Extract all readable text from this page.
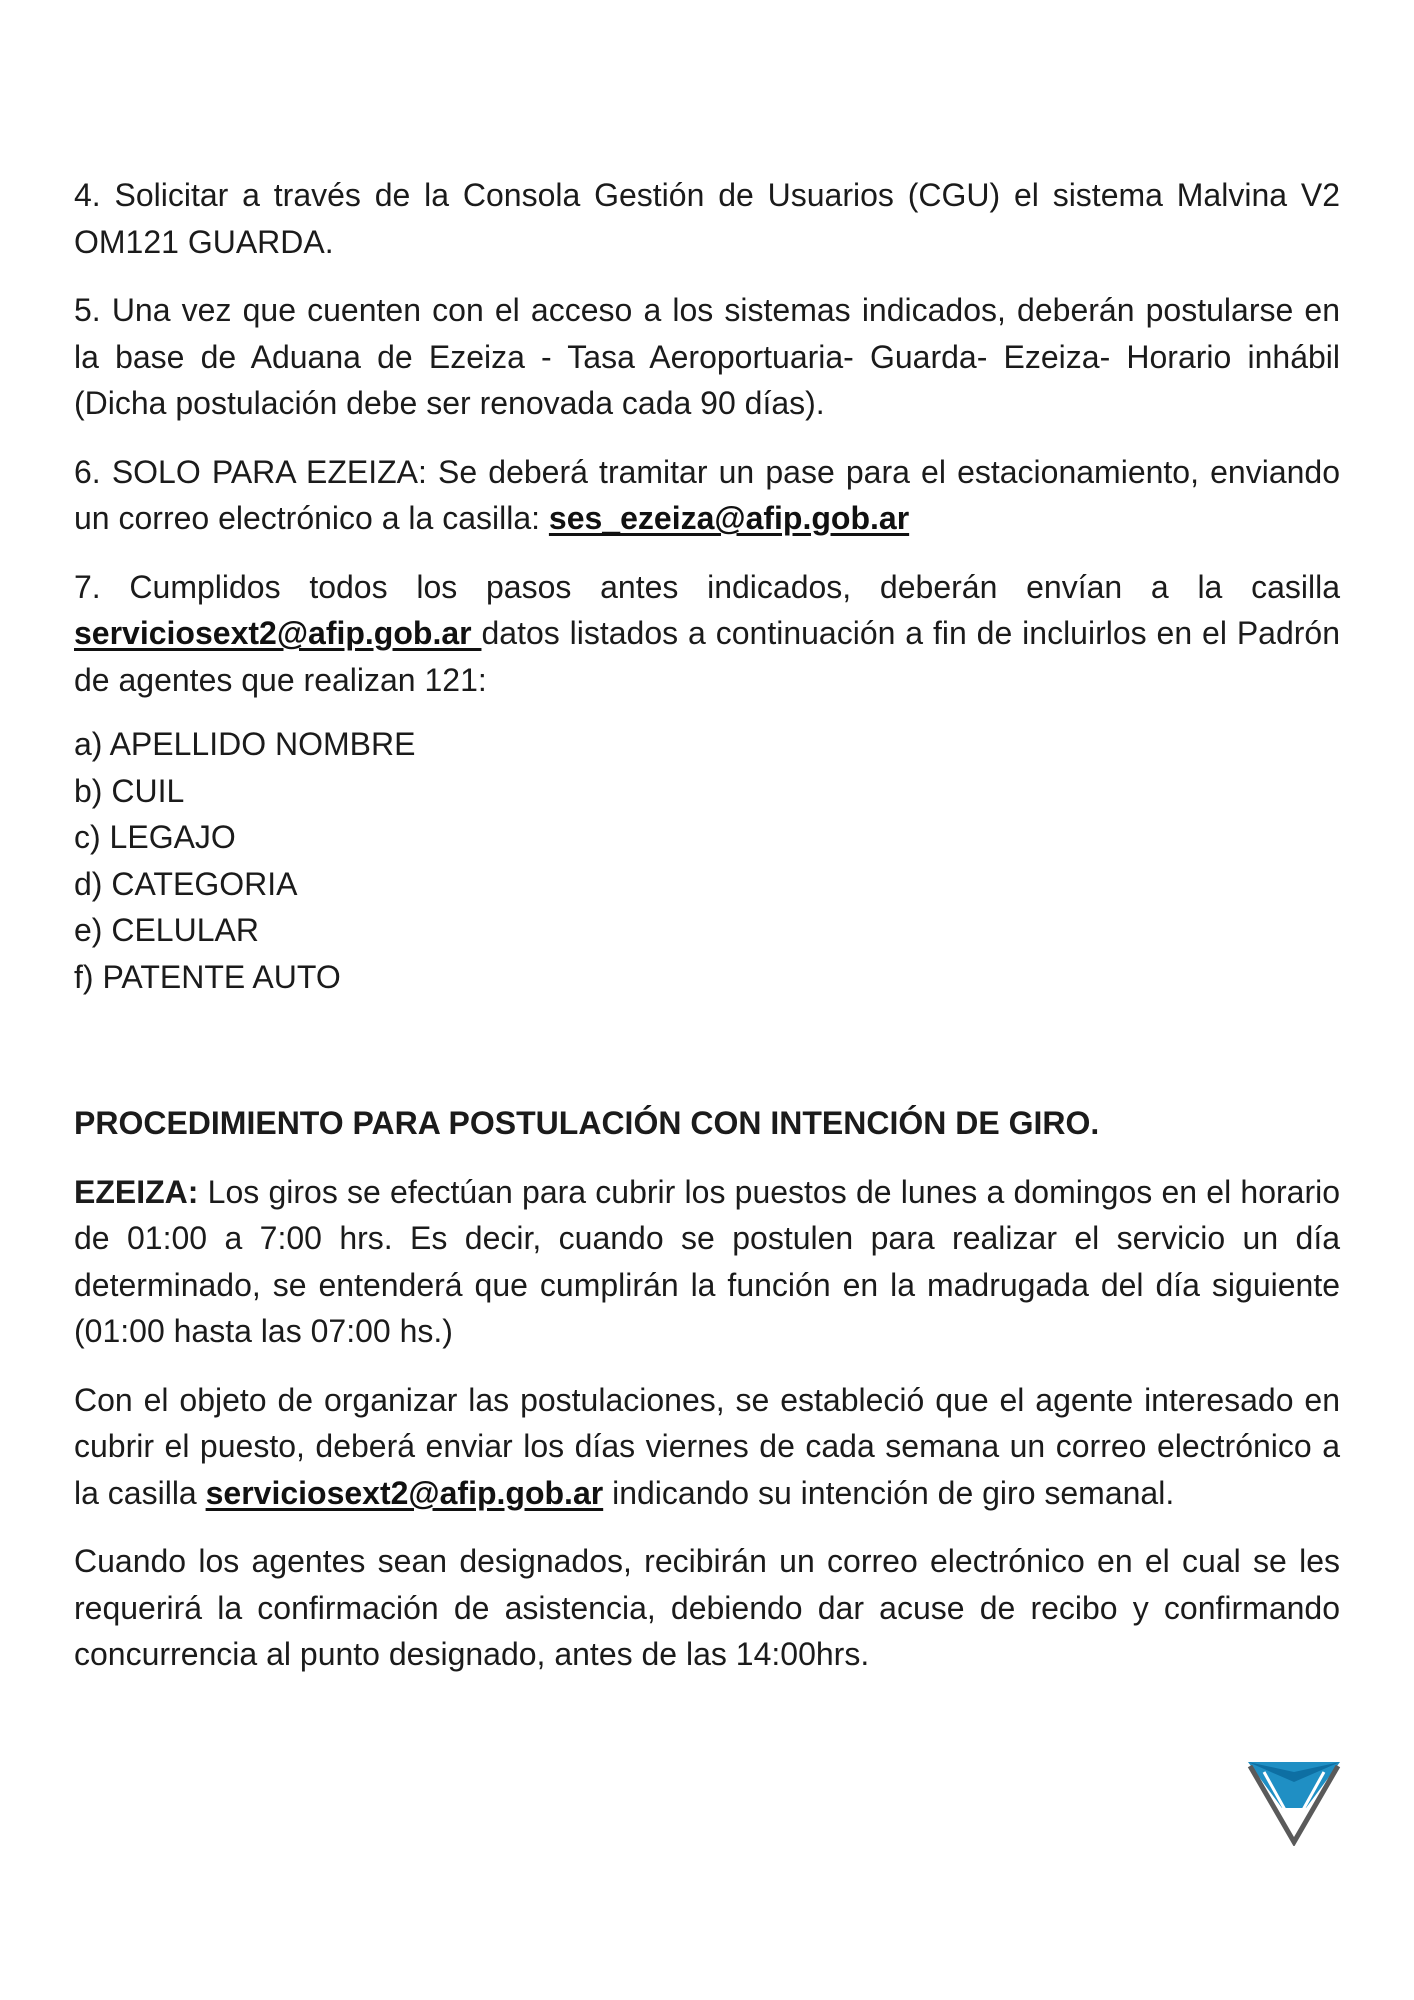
4. Solicitar a través de la Consola Gestión de Usuarios (CGU) el sistema Malvina V2 OM121 GUARDA.

5. Una vez que cuenten con el acceso a los sistemas indicados, deberán postularse en la base de Aduana de Ezeiza - Tasa Aeroportuaria- Guarda- Ezeiza- Horario inhábil (Dicha postulación debe ser renovada cada 90 días).

6. SOLO PARA EZEIZA: Se deberá tramitar un pase para el estacionamiento, enviando un correo electrónico a la casilla: ses_ezeiza@afip.gob.ar

7. Cumplidos todos los pasos antes indicados, deberán envían a la casilla serviciosext2@afip.gob.ar datos listados a continuación a fin de incluirlos en el Padrón de agentes que realizan 121:

a) APELLIDO NOMBRE
b) CUIL
c) LEGAJO
d) CATEGORIA
e) CELULAR
f) PATENTE AUTO

PROCEDIMIENTO PARA POSTULACIÓN CON INTENCIÓN DE GIRO.

EZEIZA: Los giros se efectúan para cubrir los puestos de lunes a domingos en el horario de 01:00 a 7:00 hrs. Es decir, cuando se postulen para realizar el servicio un día determinado, se entenderá que cumplirán la función en la madrugada del día siguiente (01:00 hasta las 07:00 hs.)

Con el objeto de organizar las postulaciones, se estableció que el agente interesado en cubrir el puesto, deberá enviar los días viernes de cada semana un correo electrónico a la casilla serviciosext2@afip.gob.ar indicando su intención de giro semanal.

Cuando los agentes sean designados, recibirán un correo electrónico en el cual se les requerirá la confirmación de asistencia, debiendo dar acuse de recibo y confirmando concurrencia al punto designado, antes de las 14:00hrs.
